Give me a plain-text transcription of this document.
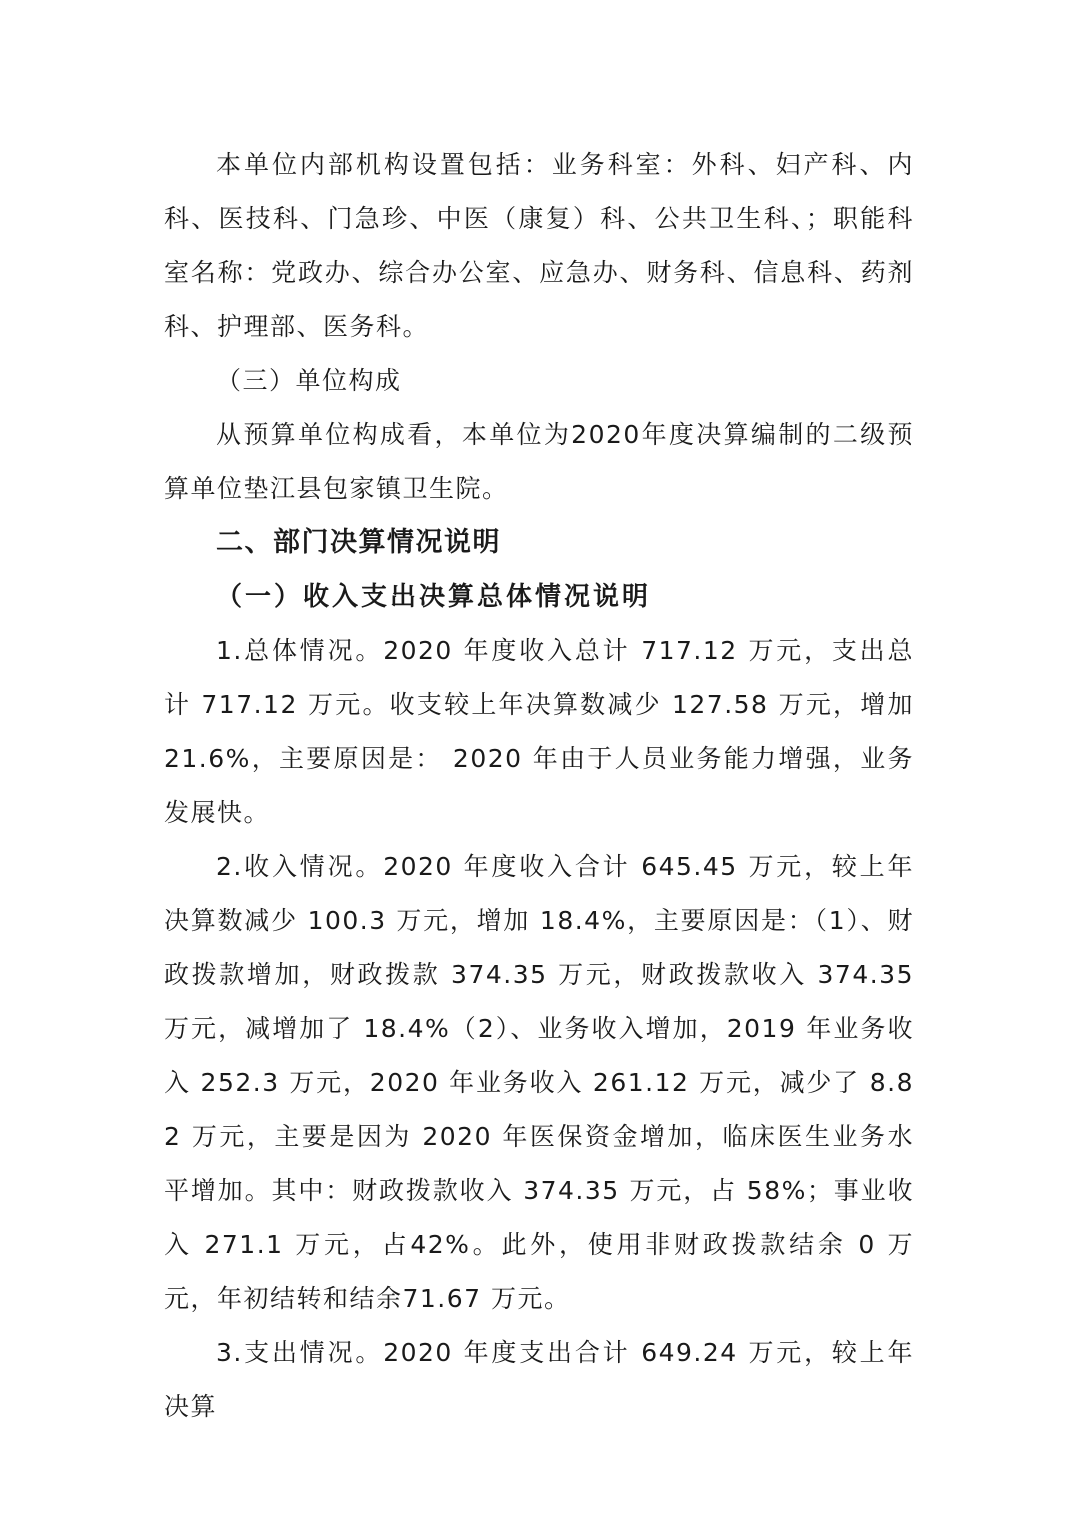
本单位内部机构设置包括：业务科室：外科、妇产科、内科、医技科、门急珍、中医（康复）科、公共卫生科、；职能科室名称：党政办、综合办公室、应急办、财务科、信息科、药剂科、护理部、医务科。

（三）单位构成

从预算单位构成看，本单位为2020年度决算编制的二级预算单位垫江县包家镇卫生院。

二、部门决算情况说明

（一）收入支出决算总体情况说明

1.总体情况。2020 年度收入总计 717.12 万元，支出总计 717.12 万元。收支较上年决算数减少 127.58 万元，增加21.6%，主要原因是： 2020 年由于人员业务能力增强，业务发展快。

2.收入情况。2020 年度收入合计 645.45 万元，较上年决算数减少 100.3 万元，增加 18.4%，主要原因是：（1）、财政拨款增加，财政拨款 374.35 万元，财政拨款收入 374.35 万元，减增加了 18.4%（2）、业务收入增加，2019 年业务收入 252.3 万元，2020 年业务收入 261.12 万元，减少了 8.82 万元，主要是因为 2020 年医保资金增加，临床医生业务水平增加。其中：财政拨款收入 374.35 万元，占 58%；事业收入 271.1 万元，占42%。此外，使用非财政拨款结余 0 万元，年初结转和结余71.67 万元。

3.支出情况。2020 年度支出合计 649.24 万元，较上年决算
